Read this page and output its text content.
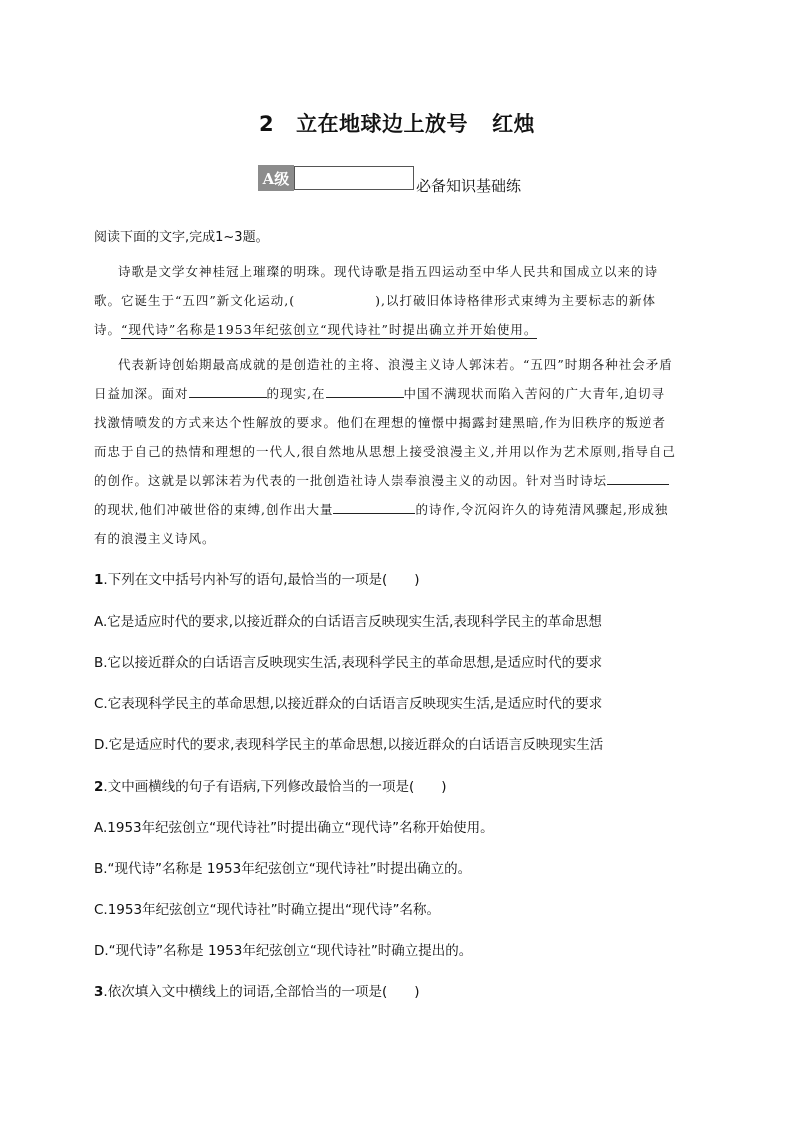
2 立在地球边上放号 红烛
A级	必备知识基础练
阅读下面的文字,完成1~3题。
诗歌是文学女神桂冠上璀璨的明珠。现代诗歌是指五四运动至中华人民共和国成立以来的诗
歌。它诞生于“五四”新文化运动,(	),以打破旧体诗格律形式束缚为主要标志的新体
诗。“现代诗”名称是1953年纪弦创立“现代诗社”时提出确立并开始使用。
代表新诗创始期最高成就的是创造社的主将、浪漫主义诗人郭沫若。“五四”时期各种社会矛盾
日益加深。面对	的现实,在	中国不满现状而陷入苦闷的广大青年,迫切寻
找激情喷发的方式来达个性解放的要求。他们在理想的憧憬中揭露封建黑暗,作为旧秩序的叛逆者
而忠于自己的热情和理想的一代人,很自然地从思想上接受浪漫主义,并用以作为艺术原则,指导自己
的创作。这就是以郭沫若为代表的一批创造社诗人崇奉浪漫主义的动因。针对当时诗坛
的现状,他们冲破世俗的束缚,创作出大量	的诗作,令沉闷许久的诗苑清风骤起,形成独
有的浪漫主义诗风。
1.下列在文中括号内补写的语句,最恰当的一项是(　　)
A.它是适应时代的要求,以接近群众的白话语言反映现实生活,表现科学民主的革命思想
B.它以接近群众的白话语言反映现实生活,表现科学民主的革命思想,是适应时代的要求
C.它表现科学民主的革命思想,以接近群众的白话语言反映现实生活,是适应时代的要求
D.它是适应时代的要求,表现科学民主的革命思想,以接近群众的白话语言反映现实生活
2.文中画横线的句子有语病,下列修改最恰当的一项是(　　)
A.1953年纪弦创立“现代诗社”时提出确立“现代诗”名称开始使用。
B.“现代诗”名称是 1953年纪弦创立“现代诗社”时提出确立的。
C.1953年纪弦创立“现代诗社”时确立提出“现代诗”名称。
D.“现代诗”名称是 1953年纪弦创立“现代诗社”时确立提出的。
3.依次填入文中横线上的词语,全部恰当的一项是(　　)
